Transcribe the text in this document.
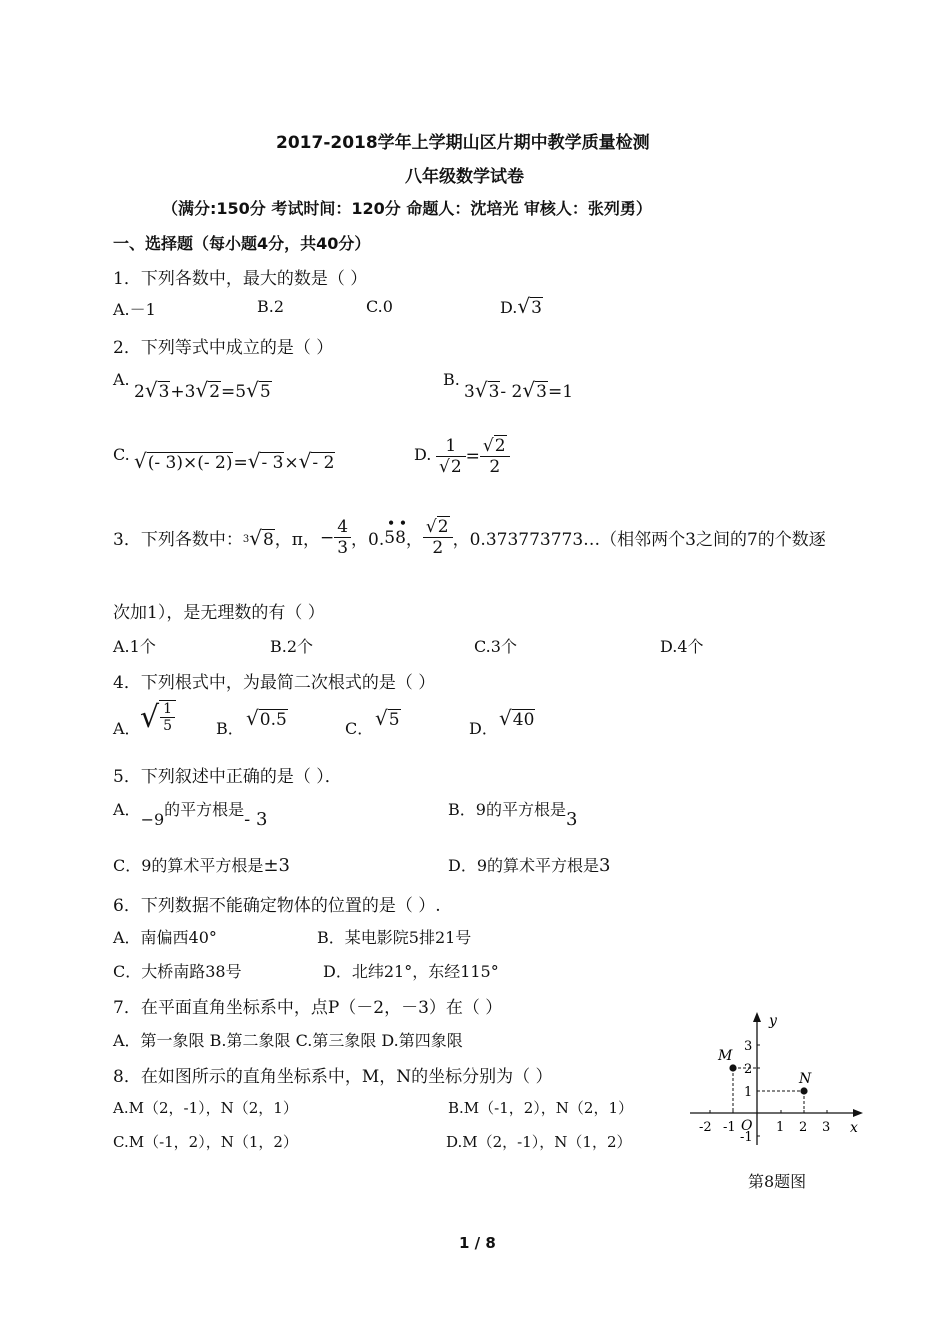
2017-2018学年上学期山区片期中教学质量检测
八年级数学试卷
（满分:150分 考试时间：120分 命题人：沈培光 审核人：张列勇）
一、选择题（每小题4分，共40分）
1．下列各数中，最大的数是（ ）
A.－1	B.2	C.0	D.√3
2．下列等式中成立的是（ ）
A.
2√3+3√2=5√5
B.
3√3- 2√3=1
C. √(- 3)×(- 2)=√- 3×√- 2	D. $\frac{1}{√2} = \frac{√2}{2}$
3．下列各数中： $^3$√8 ，π， − $\frac{4}{3}$ ，0. 58
• •
， $\frac{√2}{2}$ ，0.373773773…（相邻两个3之间的7的个数逐
次加1），是无理数的有（ ）
A.1个	B.2个	C.3个	D.4个
4．下列根式中，为最简二次根式的是（ ）
A． √ $\frac{1}{5}$	B． √0.5	C． √5	D． √40
5．下列叙述中正确的是（ ）．
A．−9的平方根是- 3	B．9的平方根是3
C．9的算术平方根是±3	D．9的算术平方根是3
6．下列数据不能确定物体的位置的是（ ）.
A．南偏西40°	B．某电影院5排21号
C．大桥南路38号	D．北纬21°，东经115°
7．在平面直角坐标系中，点P（－2，－3）在（ ）
A．第一象限 B.第二象限 C.第三象限 D.第四象限
8．在如图所示的直角坐标系中，M，N的坐标分别为（ ）
A.M（2，-1），N（2，1）	B.M（-1，2），N（2，1）
C.M（-1，2），N（1，2）	D.M（2，-1），N（1，2）
M
N
y
x
O
-2 -1	1 2 3
3
2
1
-1
第8题图
1 / 8
